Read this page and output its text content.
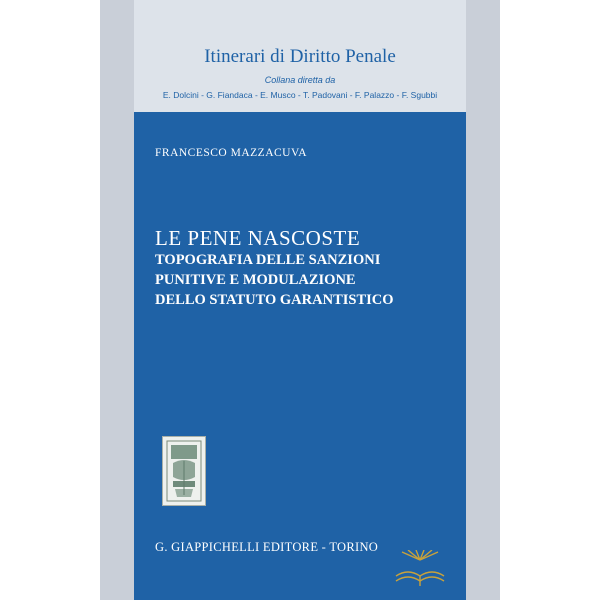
Itinerari di Diritto Penale
Collana diretta da
E. Dolcini - G. Fiandaca - E. Musco - T. Padovani - F. Palazzo - F. Sgubbi
FRANCESCO MAZZACUVA
LE PENE NASCOSTE
TOPOGRAFIA DELLE SANZIONI
PUNITIVE E MODULAZIONE
DELLO STATUTO GARANTISTICO
G. GIAPPICHELLI EDITORE - TORINO
